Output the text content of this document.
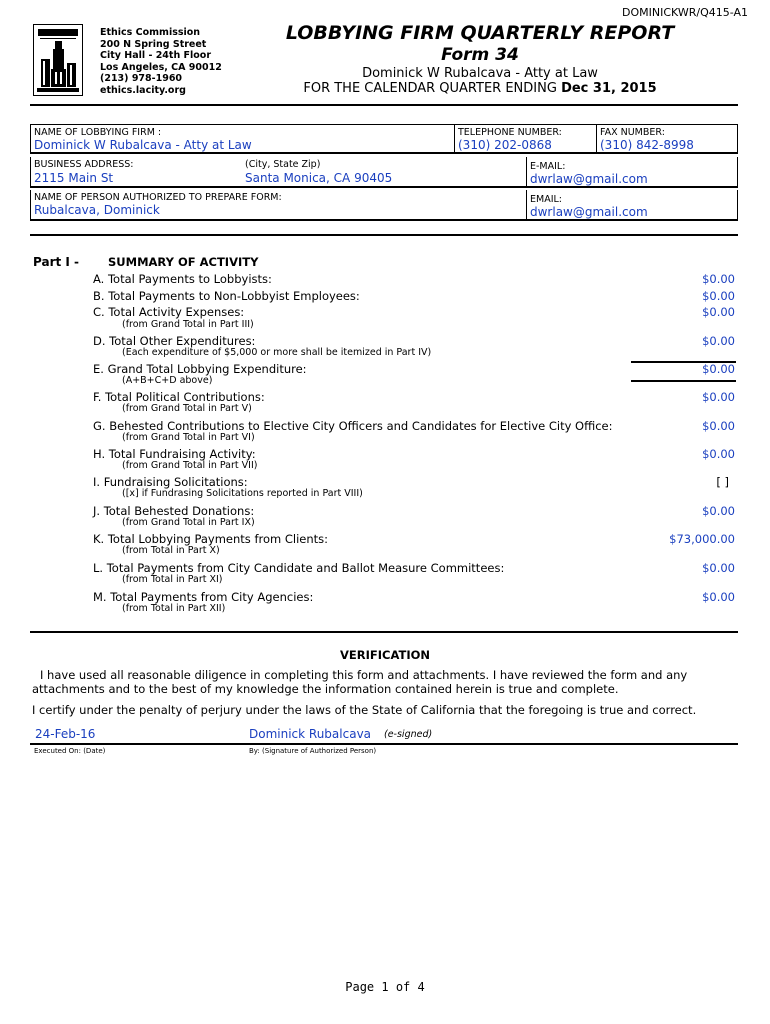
DOMINICKWR/Q415-A1
Ethics Commission
200 N Spring Street
City Hall - 24th Floor
Los Angeles, CA 90012
(213) 978-1960
ethics.lacity.org
LOBBYING FIRM QUARTERLY REPORT
Form 34
Dominick W Rubalcava - Atty at Law
FOR THE CALENDAR QUARTER ENDING Dec 31, 2015
NAME OF LOBBYING FIRM :
Dominick W Rubalcava - Atty at Law
TELEPHONE NUMBER:
(310) 202-0868
FAX NUMBER:
(310) 842-8998
BUSINESS ADDRESS:
2115 Main St
(City, State Zip)
Santa Monica, CA 90405
E-MAIL:
dwrlaw@gmail.com
NAME OF PERSON AUTHORIZED TO PREPARE FORM:
Rubalcava, Dominick
EMAIL:
dwrlaw@gmail.com
Part I -	SUMMARY OF ACTIVITY
A. Total Payments to Lobbyists:	$0.00
B. Total Payments to Non-Lobbyist Employees:	$0.00
C. Total Activity Expenses:	$0.00
(from Grand Total in Part III)
D. Total Other Expenditures:	$0.00
(Each expenditure of $5,000 or more shall be itemized in Part IV)
E. Grand Total Lobbying Expenditure:	$0.00
(A+B+C+D above)
F. Total Political Contributions:	$0.00
(from Grand Total in Part V)
G. Behested Contributions to Elective City Officers and Candidates for Elective City Office:	$0.00
(from Grand Total in Part VI)
H. Total Fundraising Activity:	$0.00
(from Grand Total in Part VII)
I. Fundraising Solicitations:	[ ]
([x] if Fundrasing Solicitations reported in Part VIII)
J. Total Behested Donations:	$0.00
(from Grand Total in Part IX)
K. Total Lobbying Payments from Clients:	$73,000.00
(from Total in Part X)
L. Total Payments from City Candidate and Ballot Measure Committees:	$0.00
(from Total in Part XI)
M. Total Payments from City Agencies:	$0.00
(from Total in Part XII)
VERIFICATION
I have used all reasonable diligence in completing this form and attachments. I have reviewed the form and any attachments and to the best of my knowledge the information contained herein is true and complete.
I certify under the penalty of perjury under the laws of the State of California that the foregoing is true and correct.
24-Feb-16	Dominick Rubalcava (e-signed)
Executed On: (Date)	By: (Signature of Authorized Person)
Page 1 of 4
